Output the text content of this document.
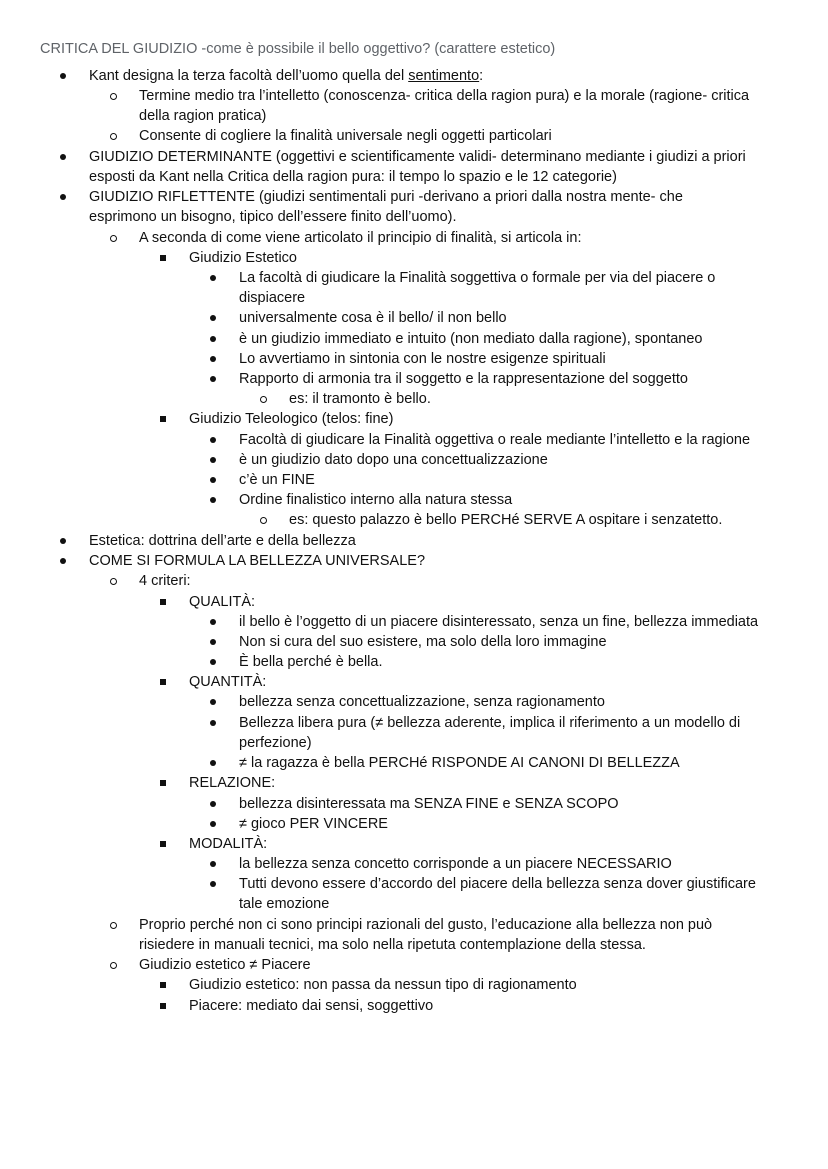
CRITICA DEL GIUDIZIO -come è possibile il bello oggettivo? (carattere estetico)
Kant designa la terza facoltà dell’uomo quella del sentimento:
Termine medio tra l’intelletto (conoscenza- critica della ragion pura) e la morale (ragione- critica
della ragion pratica)
Consente di cogliere la finalità universale negli oggetti particolari
GIUDIZIO DETERMINANTE (oggettivi e scientificamente validi- determinano mediante i giudizi a priori
esposti da Kant nella Critica della ragion pura: il tempo lo spazio e le 12 categorie)
GIUDIZIO RIFLETTENTE (giudizi sentimentali puri -derivano a priori dalla nostra mente- che
esprimono un bisogno, tipico dell’essere finito dell’uomo).
A seconda di come viene articolato il principio di finalità, si articola in:
Giudizio Estetico
La facoltà di giudicare la Finalità soggettiva o formale per via del piacere o
dispiacere
universalmente cosa è il bello/ il non bello
è un giudizio immediato e intuito (non mediato dalla ragione), spontaneo
Lo avvertiamo in sintonia con le nostre esigenze spirituali
Rapporto di armonia tra il soggetto e la rappresentazione del soggetto
es: il tramonto è bello.
Giudizio Teleologico (telos: fine)
Facoltà di giudicare la Finalità oggettiva o reale mediante l’intelletto e la ragione
è un giudizio dato dopo una concettualizzazione
c’è un FINE
Ordine finalistico interno alla natura stessa
es: questo palazzo è bello PERCHé SERVE A ospitare i senzatetto.
Estetica: dottrina dell’arte e della bellezza
COME SI FORMULA LA BELLEZZA UNIVERSALE?
4 criteri:
QUALITÀ:
il bello è l’oggetto di un piacere disinteressato, senza un fine, bellezza immediata
Non si cura del suo esistere, ma solo della loro immagine
È bella perché è bella.
QUANTITÀ:
bellezza senza concettualizzazione, senza ragionamento
Bellezza libera pura (≠ bellezza aderente, implica il riferimento a un modello di
perfezione)
≠ la ragazza è bella PERCHé RISPONDE AI CANONI DI BELLEZZA
RELAZIONE:
bellezza disinteressata ma SENZA FINE e SENZA SCOPO
≠ gioco PER VINCERE
MODALITÀ:
la bellezza senza concetto corrisponde a un piacere NECESSARIO
Tutti devono essere d’accordo del piacere della bellezza senza dover giustificare
tale emozione
Proprio perché non ci sono principi razionali del gusto, l’educazione alla bellezza non può
risiedere in manuali tecnici, ma solo nella ripetuta contemplazione della stessa.
Giudizio estetico ≠ Piacere
Giudizio estetico: non passa da nessun tipo di ragionamento
Piacere: mediato dai sensi, soggettivo
